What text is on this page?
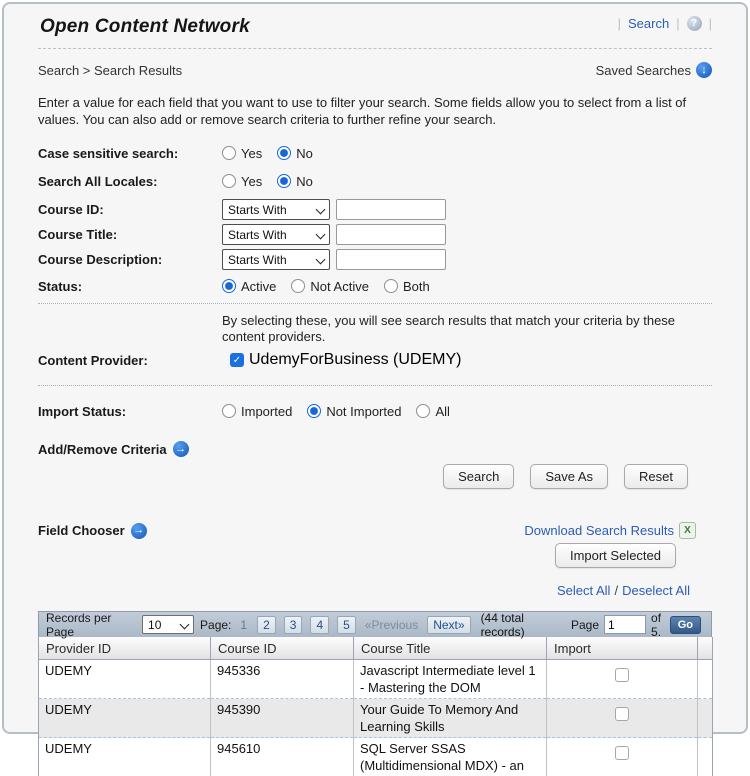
Open Content Network	| Search |	? |
Search > Search Results	Saved Searches ↓

Enter a value for each field that you want to use to filter your search. Some fields allow you to select from a list of values. You can also add or remove search criteria to further refine your search.

Case sensitive search:	Yes	No
Search All Locales:	Yes	No
Course ID:
Starts With
Course Title:
Starts With
Course Description:
Starts With
Status:	Active	Not Active	Both

By selecting these, you will see search results that match your criteria by these content providers.

Content Provider:	✓ UdemyForBusiness (UDEMY)
Import Status:	Imported	Not Imported	All
Add/Remove Criteria →
Search	Save As	Reset
Field Chooser →	Download Search Results	X
Import Selected
Select All / Deselect All
Records per Page
10	Page: 1	2	3	4	5	«Previous	Next»	(44 total records)	Page
1	of 5.	Go
Provider ID	Course ID	Course Title	Import	
UDEMY	945336	Javascript Intermediate level 1 - Mastering the DOM		
UDEMY	945390	Your Guide To Memory And Learning Skills		
UDEMY	945610	SQL Server SSAS (Multidimensional MDX) - an		
